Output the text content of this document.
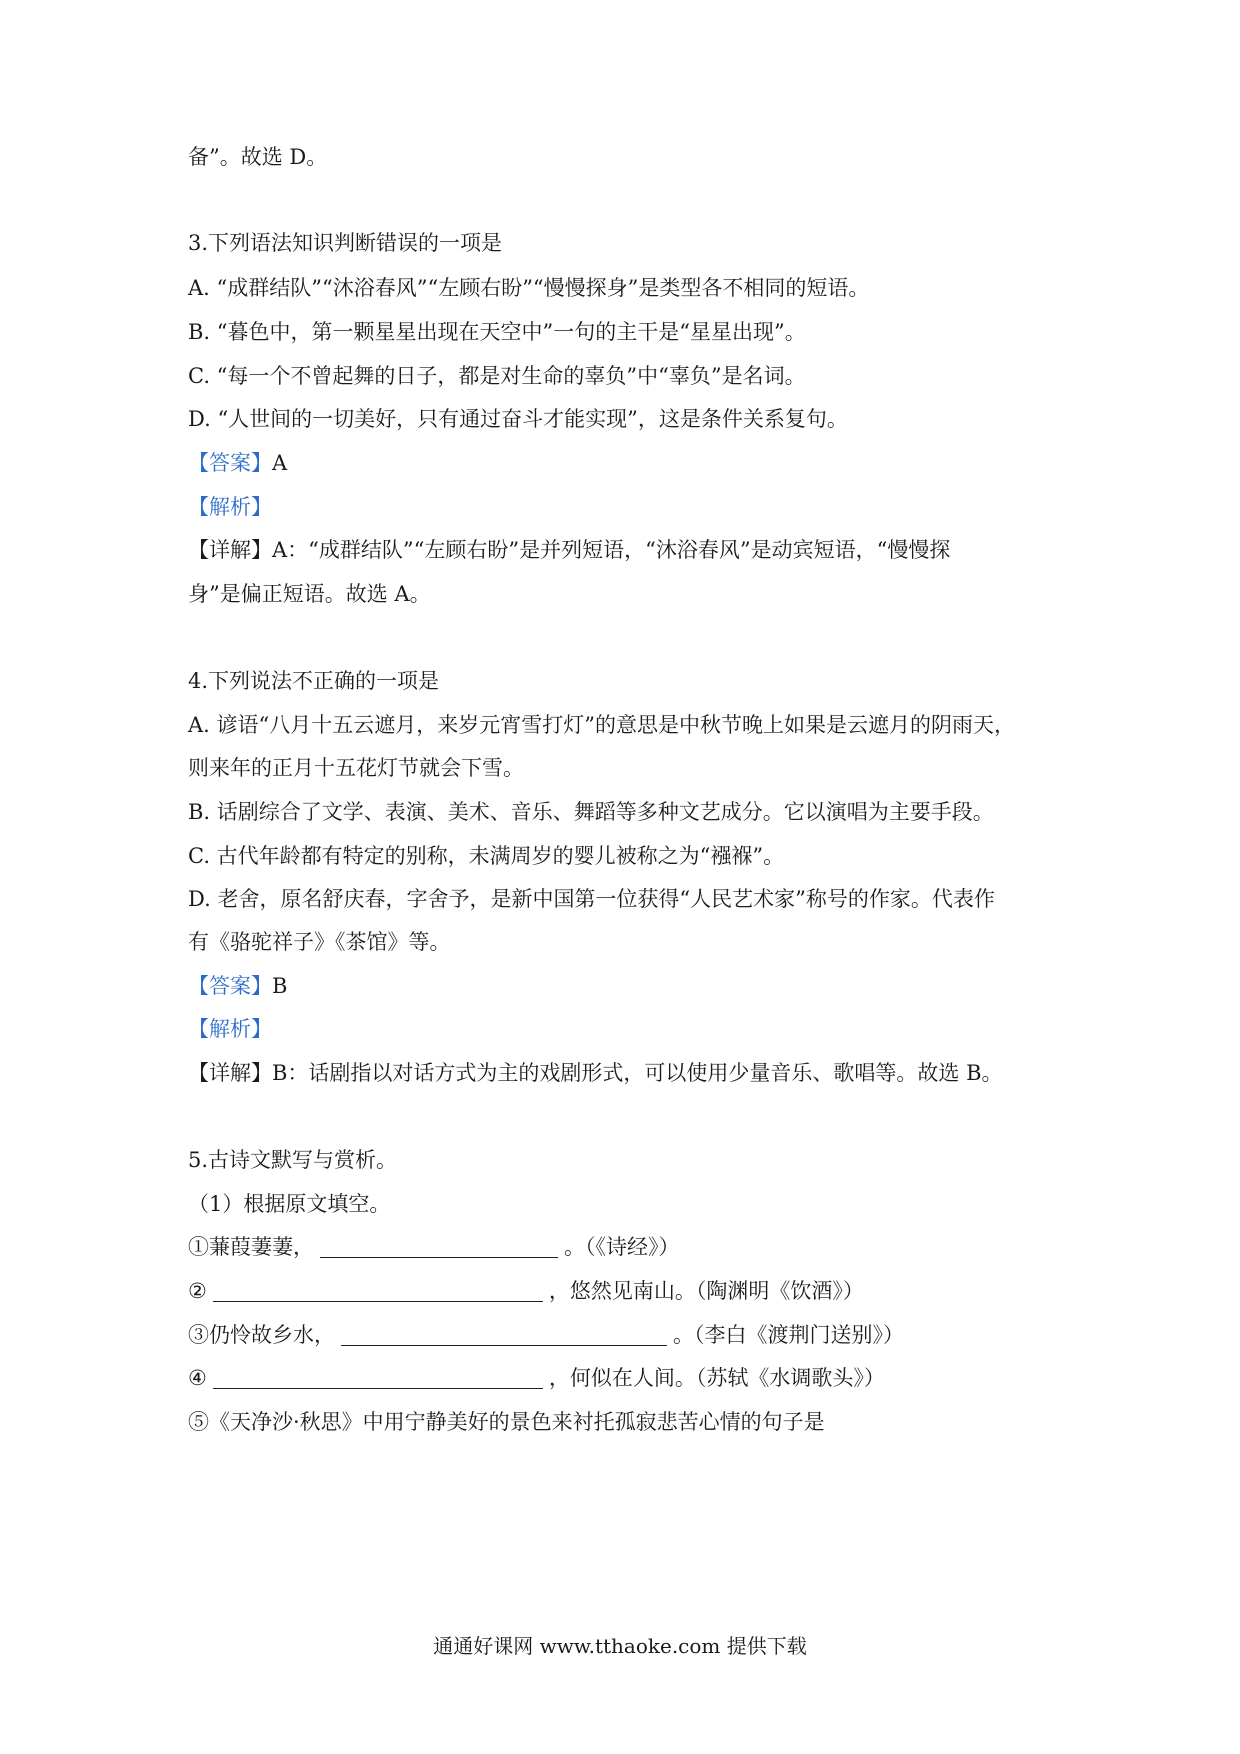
备”。故选 D。
3.下列语法知识判断错误的一项是
A. “成群结队”“沐浴春风”“左顾右盼”“慢慢探身”是类型各不相同的短语。
B. “暮色中，第一颗星星出现在天空中”一句的主干是“星星出现”。
C. “每一个不曾起舞的日子，都是对生命的辜负”中“辜负”是名词。
D. “人世间的一切美好，只有通过奋斗才能实现”，这是条件关系复句。
【答案】A
【解析】
【详解】A：“成群结队”“左顾右盼”是并列短语，“沐浴春风”是动宾短语，“慢慢探
身”是偏正短语。故选 A。
4.下列说法不正确的一项是
A. 谚语“八月十五云遮月，来岁元宵雪打灯”的意思是中秋节晚上如果是云遮月的阴雨天，
则来年的正月十五花灯节就会下雪。
B. 话剧综合了文学、表演、美术、音乐、舞蹈等多种文艺成分。它以演唱为主要手段。
C. 古代年龄都有特定的别称，未满周岁的婴儿被称之为“襁褓”。
D. 老舍，原名舒庆春，字舍予，是新中国第一位获得“人民艺术家”称号的作家。代表作
有《骆驼祥子》《茶馆》等。
【答案】B
【解析】
【详解】B：话剧指以对话方式为主的戏剧形式，可以使用少量音乐、歌唱等。故选 B。
5.古诗文默写与赏析。
（1）根据原文填空。
①蒹葭萋萋，	。（《诗经》）
②	，悠然见南山。（陶渊明《饮酒》）
③仍怜故乡水，	。（李白《渡荆门送别》）
④	，何似在人间。（苏轼《水调歌头》）
⑤《天净沙·秋思》中用宁静美好的景色来衬托孤寂悲苦心情的句子是
通通好课网 www.tthaoke.com 提供下载
